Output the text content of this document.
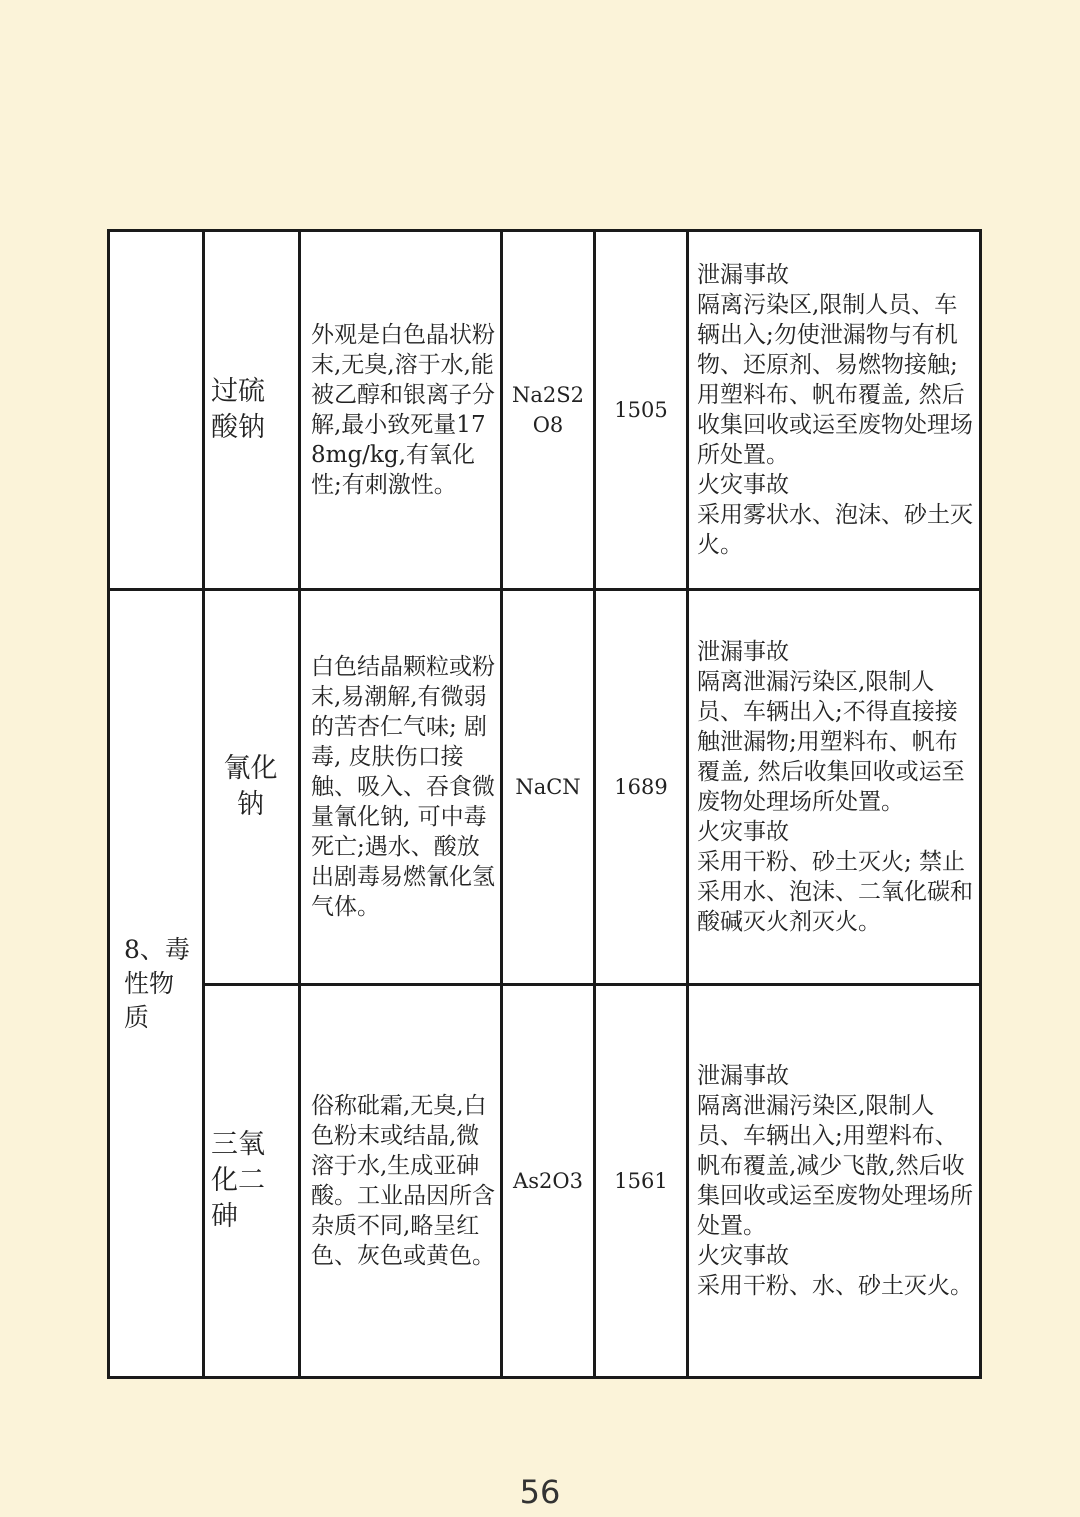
	过硫酸钠	外观是白色晶状粉末,无臭,溶于水,能被乙醇和银离子分解,最小致死量178mg/kg,有氧化性;有刺激性。	Na2S2O8	1505	泄漏事故
隔离污染区,限制人员、车辆出入;勿使泄漏物与有机物、还原剂、易燃物接触;用塑料布、帆布覆盖, 然后收集回收或运至废物处理场所处置。
火灾事故
采用雾状水、泡沫、砂土灭火。

8、毒性物质	氰化钠	白色结晶颗粒或粉末,易潮解,有微弱的苦杏仁气味; 剧毒, 皮肤伤口接触、吸入、吞食微量氰化钠, 可中毒死亡;遇水、酸放出剧毒易燃氰化氢气体。	NaCN	1689	泄漏事故
隔离泄漏污染区,限制人员、车辆出入;不得直接接触泄漏物;用塑料布、帆布覆盖, 然后收集回收或运至废物处理场所处置。
火灾事故
采用干粉、砂土灭火; 禁止采用水、泡沫、二氧化碳和酸碱灭火剂灭火。

	三氧化二砷	俗称砒霜,无臭,白色粉末或结晶,微溶于水,生成亚砷酸。工业品因所含杂质不同,略呈红色、灰色或黄色。	As2O3	1561	泄漏事故
隔离泄漏污染区,限制人员、车辆出入;用塑料布、帆布覆盖,减少飞散,然后收集回收或运至废物处理场所处置。
火灾事故
采用干粉、水、砂土灭火。
56
